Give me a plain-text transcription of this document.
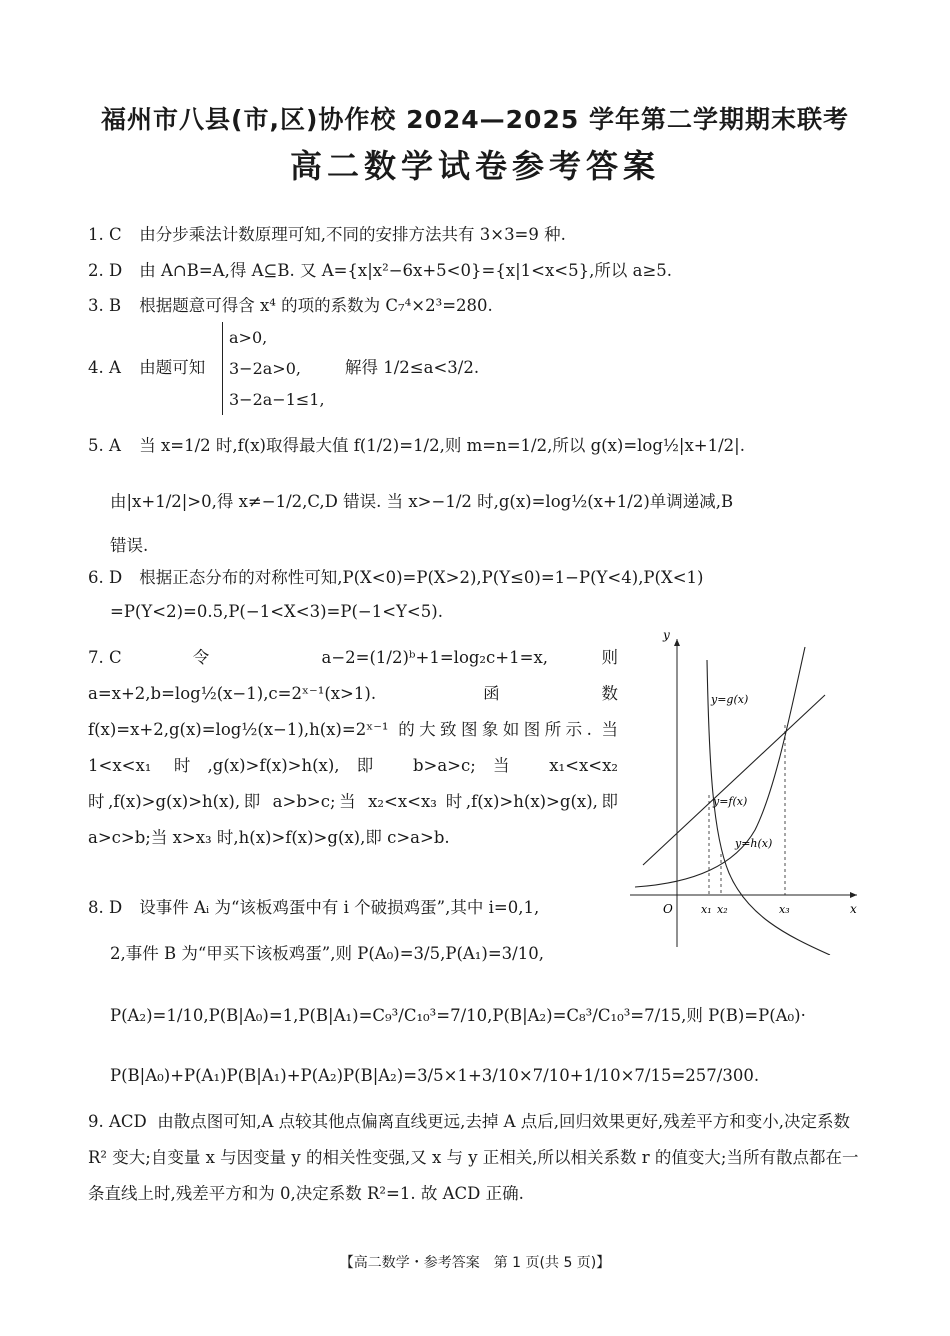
福州市八县(市,区)协作校 2024—2025 学年第二学期期末联考
高二数学试卷参考答案
1. C 由分步乘法计数原理可知,不同的安排方法共有 3×3=9 种.
2. D 由 A∩B=A,得 A⊆B. 又 A={x|x²−6x+5<0}={x|1<x<5},所以 a≥5.
3. B 根据题意可得含 x⁴ 的项的系数为 C₇⁴×2³=280.
4. A 由题可知
a>0,
3−2a>0,
3−2a−1≤1,
解得 1/2≤a<3/2.
5. A 当 x=1/2 时,f(x)取得最大值 f(1/2)=1/2,则 m=n=1/2,所以 g(x)=log½|x+1/2|.
由|x+1/2|>0,得 x≠−1/2,C,D 错误. 当 x>−1/2 时,g(x)=log½(x+1/2)单调递减,B
错误.
6. D 根据正态分布的对称性可知,P(X<0)=P(X>2),P(Y≤0)=1−P(Y<4),P(X<1)
=P(Y<2)=0.5,P(−1<X<3)=P(−1<Y<5).
7. C	令 a−2=(1/2)ᵇ+1=log₂c+1=x,则 a=x+2,b=log½(x−1),c=2ˣ⁻¹(x>1). 函数 f(x)=x+2,g(x)=log½(x−1),h(x)=2ˣ⁻¹ 的大致图象如图所示. 当 1<x<x₁ 时,g(x)>f(x)>h(x),即 b>a>c;当 x₁<x<x₂ 时,f(x)>g(x)>h(x),即 a>b>c;当 x₂<x<x₃ 时,f(x)>h(x)>g(x),即 a>c>b;当 x>x₃ 时,h(x)>f(x)>g(x),即 c>a>b.
y
x
O
y=g(x)
y=f(x)
y=h(x)
x₁ x₂	x₃
8. D 设事件 Aᵢ 为“该板鸡蛋中有 i 个破损鸡蛋”,其中 i=0,1,
2,事件 B 为“甲买下该板鸡蛋”,则 P(A₀)=3/5,P(A₁)=3/10,
P(A₂)=1/10,P(B|A₀)=1,P(B|A₁)=C₉³/C₁₀³=7/10,P(B|A₂)=C₈³/C₁₀³=7/15,则 P(B)=P(A₀)·
P(B|A₀)+P(A₁)P(B|A₁)+P(A₂)P(B|A₂)=3/5×1+3/10×7/10+1/10×7/15=257/300.
9. ACD 由散点图可知,A 点较其他点偏离直线更远,去掉 A 点后,回归效果更好,残差平方和变小,决定系数 R² 变大;自变量 x 与因变量 y 的相关性变强,又 x 与 y 正相关,所以相关系数 r 的值变大;当所有散点都在一条直线上时,残差平方和为 0,决定系数 R²=1. 故 ACD 正确.
【高二数学・参考答案　第 1 页(共 5 页)】
